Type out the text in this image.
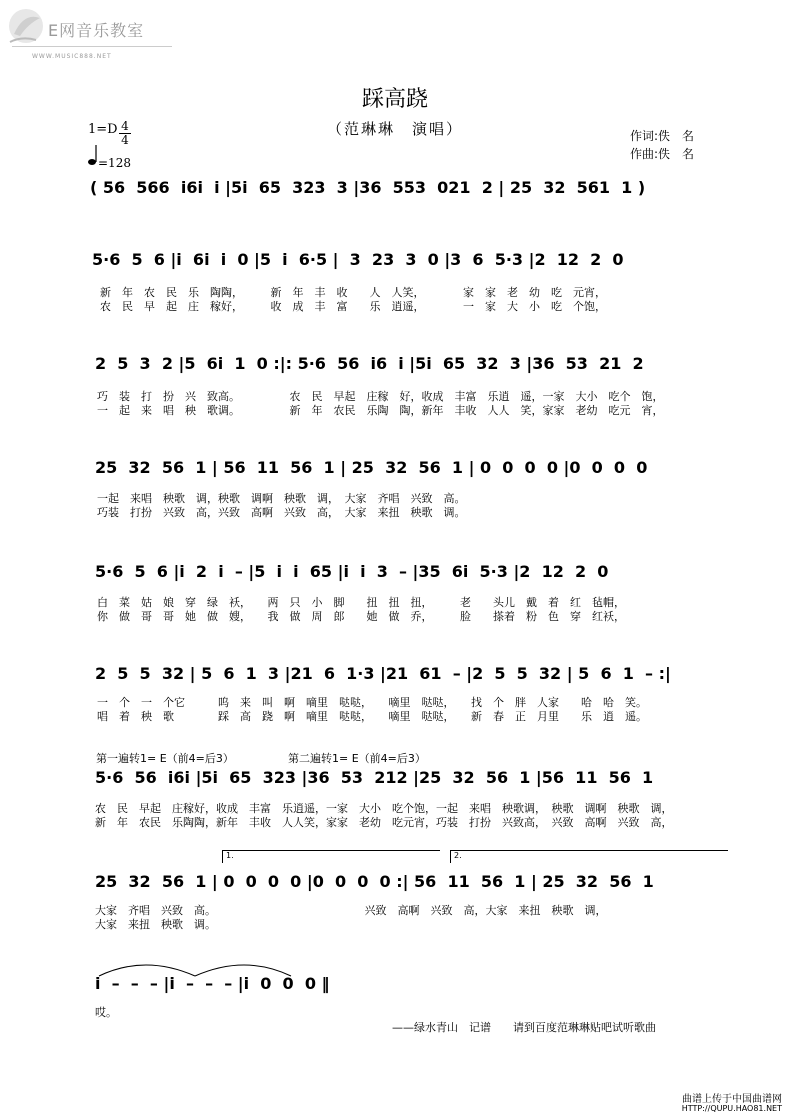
E网音乐教室
WWW.MUSIC888.NET
踩高跷
（范琳琳　演唱）
1=D 4
4
=128
作词:佚　名
作曲:佚　名
( 56  566  i6i  i |5i  65  323  3 |36  553  021  2 | 25  32  561  1 )
5·6  5  6 |i  6i  i  0 |5  i  6·5 |  3  23  3  0 |3  6  5·3 |2  12  2  0
新　年　农　民　乐　陶陶，　　　新　年　丰　收　　人　人笑，　　　　家　家　老　幼　吃　元宵，
农　民　早　起　庄　稼好，　　　收　成　丰　富　　乐　逍遥，　　　　一　家　大　小　吃　个饱，
2  5  3  2 |5  6i  1  0 :|: 5·6  56  i6  i |5i  65  32  3 |36  53  21  2
巧　装　打　扮　兴　致高。　　　　　农　民　早起　庄稼　好，收成　丰富　乐逍　遥，一家　大小　吃个　饱，
一　起　来　唱　秧　歌调。　　　　　新　年　农民　乐陶　陶，新年　丰收　人人　笑，家家　老幼　吃元　宵，
25  32  56  1 | 56  11  56  1 | 25  32  56  1 | 0  0  0  0 |0  0  0  0
一起　来唱　秧歌　调，秧歌　调啊　秧歌　调，　大家　齐唱　兴致　高。
巧装　打扮　兴致　高，兴致　高啊　兴致　高，　大家　来扭　秧歌　调。
5·6  5  6 |i  2  i  – |5  i  i  65 |i  i  3  – |35  6i  5·3 |2  12  2  0
白　菜　姑　娘　穿　绿　袄，　　两　只　小　脚　　扭　扭　扭，　　　老　　头儿　戴　着　红　毡帽，
你　做　哥　哥　她　做　嫂，　　我　做　周　郎　　她　做　乔，　　　脸　　搽着　粉　色　穿　红袄，
2  5  5  32 | 5  6  1  3 |21  6  1·3 |21  61  – |2  5  5  32 | 5  6  1  – :|
一　个　一　个它　　　呜　来　叫　啊　嘀里　哒哒，　　嘀里　哒哒，　　找　个　胖　人家　　哈　哈　笑。
唱　着　秧　歌　　　　踩　高　跷　啊　嘀里　哒哒，　　嘀里　哒哒，　　新　春　正　月里　　乐　逍　遥。
第一遍转1= E（前4=后3）	第二遍转1= E（前4=后3）
5·6  56  i6i |5i  65  323 |36  53  212 |25  32  56  1 |56  11  56  1
农　民　早起　庄稼好，收成　丰富　乐逍遥，一家　大小　吃个饱，一起　来唱　秧歌调，　秧歌　调啊　秧歌　调，
新　年　农民　乐陶陶，新年　丰收　人人笑，家家　老幼　吃元宵，巧装　打扮　兴致高，　兴致　高啊　兴致　高，
1.	2.
25  32  56  1 | 0  0  0  0 |0  0  0  0 :| 56  11  56  1 | 25  32  56  1
大家　齐唱　兴致　高。　　　　　　　　　　　　　　兴致　高啊　兴致　高，大家　来扭　秧歌　调，
大家　来扭　秧歌　调。
i  –  –  – |i  –  –  – |i  0  0  0 ‖
哎。
——绿水青山　记谱　　请到百度范琳琳贴吧试听歌曲
曲谱上传于中国曲谱网
HTTP://QUPU.HAO81.NET
